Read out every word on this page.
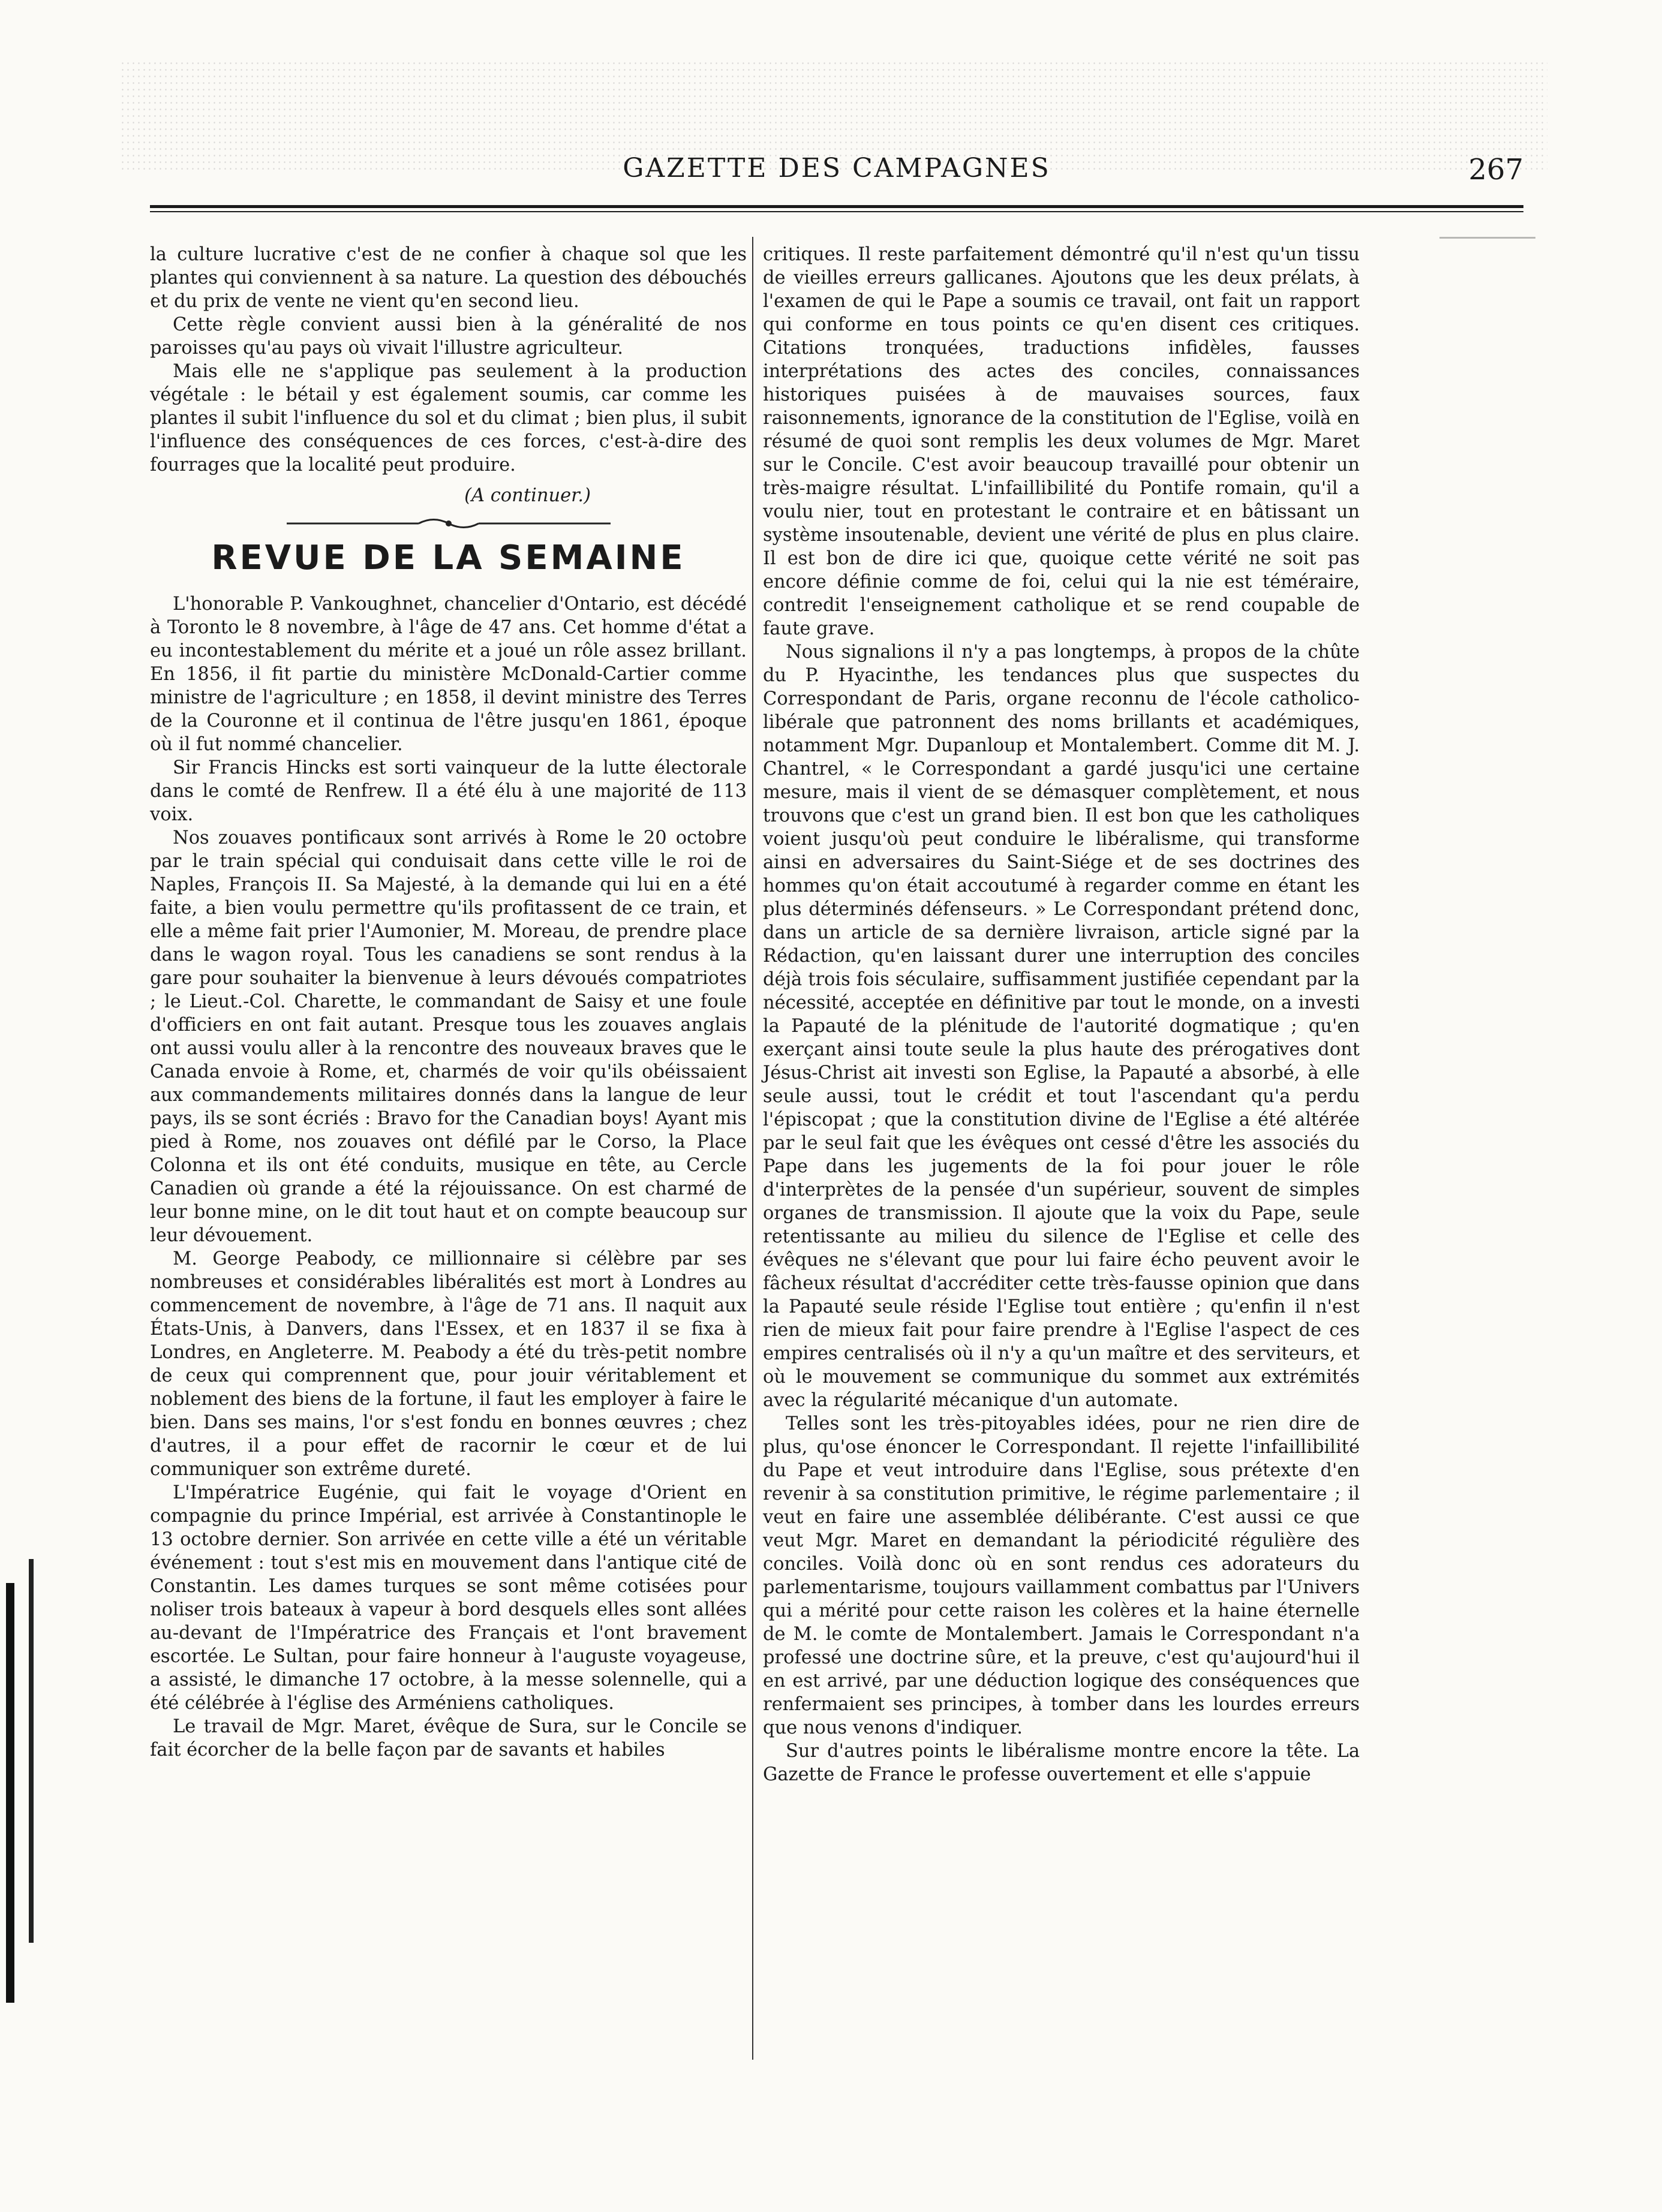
GAZETTE DES CAMPAGNES	267

la culture lucrative c'est de ne confier à chaque sol que les plantes qui conviennent à sa nature. La question des débouchés et du prix de vente ne vient qu'en second lieu.

Cette règle convient aussi bien à la généralité de nos paroisses qu'au pays où vivait l'illustre agriculteur.

Mais elle ne s'applique pas seulement à la production végétale : le bétail y est également soumis, car comme les plantes il subit l'influence du sol et du climat ; bien plus, il subit l'influence des conséquences de ces forces, c'est-à-dire des fourrages que la localité peut produire.

(A continuer.)

REVUE DE LA SEMAINE

L'honorable P. Vankoughnet, chancelier d'Ontario, est décédé à Toronto le 8 novembre, à l'âge de 47 ans. Cet homme d'état a eu incontestablement du mérite et a joué un rôle assez brillant. En 1856, il fit partie du ministère McDonald-Cartier comme ministre de l'agriculture ; en 1858, il devint ministre des Terres de la Couronne et il continua de l'être jusqu'en 1861, époque où il fut nommé chancelier.

Sir Francis Hincks est sorti vainqueur de la lutte électorale dans le comté de Renfrew. Il a été élu à une majorité de 113 voix.

Nos zouaves pontificaux sont arrivés à Rome le 20 octobre par le train spécial qui conduisait dans cette ville le roi de Naples, François II. Sa Majesté, à la demande qui lui en a été faite, a bien voulu permettre qu'ils profitassent de ce train, et elle a même fait prier l'Aumonier, M. Moreau, de prendre place dans le wagon royal. Tous les canadiens se sont rendus à la gare pour souhaiter la bienvenue à leurs dévoués compatriotes ; le Lieut.-Col. Charette, le commandant de Saisy et une foule d'officiers en ont fait autant. Presque tous les zouaves anglais ont aussi voulu aller à la rencontre des nouveaux braves que le Canada envoie à Rome, et, charmés de voir qu'ils obéissaient aux commandements militaires donnés dans la langue de leur pays, ils se sont écriés : Bravo for the Canadian boys! Ayant mis pied à Rome, nos zouaves ont défilé par le Corso, la Place Colonna et ils ont été conduits, musique en tête, au Cercle Canadien où grande a été la réjouissance. On est charmé de leur bonne mine, on le dit tout haut et on compte beaucoup sur leur dévouement.

M. George Peabody, ce millionnaire si célèbre par ses nombreuses et considérables libéralités est mort à Londres au commencement de novembre, à l'âge de 71 ans. Il naquit aux États-Unis, à Danvers, dans l'Essex, et en 1837 il se fixa à Londres, en Angleterre. M. Peabody a été du très-petit nombre de ceux qui comprennent que, pour jouir véritablement et noblement des biens de la fortune, il faut les employer à faire le bien. Dans ses mains, l'or s'est fondu en bonnes œuvres ; chez d'autres, il a pour effet de racornir le cœur et de lui communiquer son extrême dureté.

L'Impératrice Eugénie, qui fait le voyage d'Orient en compagnie du prince Impérial, est arrivée à Constantinople le 13 octobre dernier. Son arrivée en cette ville a été un véritable événement : tout s'est mis en mouvement dans l'antique cité de Constantin. Les dames turques se sont même cotisées pour noliser trois bateaux à vapeur à bord desquels elles sont allées au-devant de l'Impératrice des Français et l'ont bravement escortée. Le Sultan, pour faire honneur à l'auguste voyageuse, a assisté, le dimanche 17 octobre, à la messe solennelle, qui a été célébrée à l'église des Arméniens catholiques.

Le travail de Mgr. Maret, évêque de Sura, sur le Concile se fait écorcher de la belle façon par de savants et habiles

critiques. Il reste parfaitement démontré qu'il n'est qu'un tissu de vieilles erreurs gallicanes. Ajoutons que les deux prélats, à l'examen de qui le Pape a soumis ce travail, ont fait un rapport qui conforme en tous points ce qu'en disent ces critiques. Citations tronquées, traductions infidèles, fausses interprétations des actes des conciles, connaissances historiques puisées à de mauvaises sources, faux raisonnements, ignorance de la constitution de l'Eglise, voilà en résumé de quoi sont remplis les deux volumes de Mgr. Maret sur le Concile. C'est avoir beaucoup travaillé pour obtenir un très-maigre résultat. L'infaillibilité du Pontife romain, qu'il a voulu nier, tout en protestant le contraire et en bâtissant un système insoutenable, devient une vérité de plus en plus claire. Il est bon de dire ici que, quoique cette vérité ne soit pas encore définie comme de foi, celui qui la nie est téméraire, contredit l'enseignement catholique et se rend coupable de faute grave.

Nous signalions il n'y a pas longtemps, à propos de la chûte du P. Hyacinthe, les tendances plus que suspectes du Correspondant de Paris, organe reconnu de l'école catholico-libérale que patronnent des noms brillants et académiques, notamment Mgr. Dupanloup et Montalembert. Comme dit M. J. Chantrel, « le Correspondant a gardé jusqu'ici une certaine mesure, mais il vient de se démasquer complètement, et nous trouvons que c'est un grand bien. Il est bon que les catholiques voient jusqu'où peut conduire le libéralisme, qui transforme ainsi en adversaires du Saint-Siége et de ses doctrines des hommes qu'on était accoutumé à regarder comme en étant les plus déterminés défenseurs. » Le Correspondant prétend donc, dans un article de sa dernière livraison, article signé par la Rédaction, qu'en laissant durer une interruption des conciles déjà trois fois séculaire, suffisamment justifiée cependant par la nécessité, acceptée en définitive par tout le monde, on a investi la Papauté de la plénitude de l'autorité dogmatique ; qu'en exerçant ainsi toute seule la plus haute des prérogatives dont Jésus-Christ ait investi son Eglise, la Papauté a absorbé, à elle seule aussi, tout le crédit et tout l'ascendant qu'a perdu l'épiscopat ; que la constitution divine de l'Eglise a été altérée par le seul fait que les évêques ont cessé d'être les associés du Pape dans les jugements de la foi pour jouer le rôle d'interprètes de la pensée d'un supérieur, souvent de simples organes de transmission. Il ajoute que la voix du Pape, seule retentissante au milieu du silence de l'Eglise et celle des évêques ne s'élevant que pour lui faire écho peuvent avoir le fâcheux résultat d'accréditer cette très-fausse opinion que dans la Papauté seule réside l'Eglise tout entière ; qu'enfin il n'est rien de mieux fait pour faire prendre à l'Eglise l'aspect de ces empires centralisés où il n'y a qu'un maître et des serviteurs, et où le mouvement se communique du sommet aux extrémités avec la régularité mécanique d'un automate.

Telles sont les très-pitoyables idées, pour ne rien dire de plus, qu'ose énoncer le Correspondant. Il rejette l'infaillibilité du Pape et veut introduire dans l'Eglise, sous prétexte d'en revenir à sa constitution primitive, le régime parlementaire ; il veut en faire une assemblée délibérante. C'est aussi ce que veut Mgr. Maret en demandant la périodicité régulière des conciles. Voilà donc où en sont rendus ces adorateurs du parlementarisme, toujours vaillamment combattus par l'Univers qui a mérité pour cette raison les colères et la haine éternelle de M. le comte de Montalembert. Jamais le Correspondant n'a professé une doctrine sûre, et la preuve, c'est qu'aujourd'hui il en est arrivé, par une déduction logique des conséquences que renfermaient ses principes, à tomber dans les lourdes erreurs que nous venons d'indiquer.

Sur d'autres points le libéralisme montre encore la tête. La Gazette de France le professe ouvertement et elle s'appuie
